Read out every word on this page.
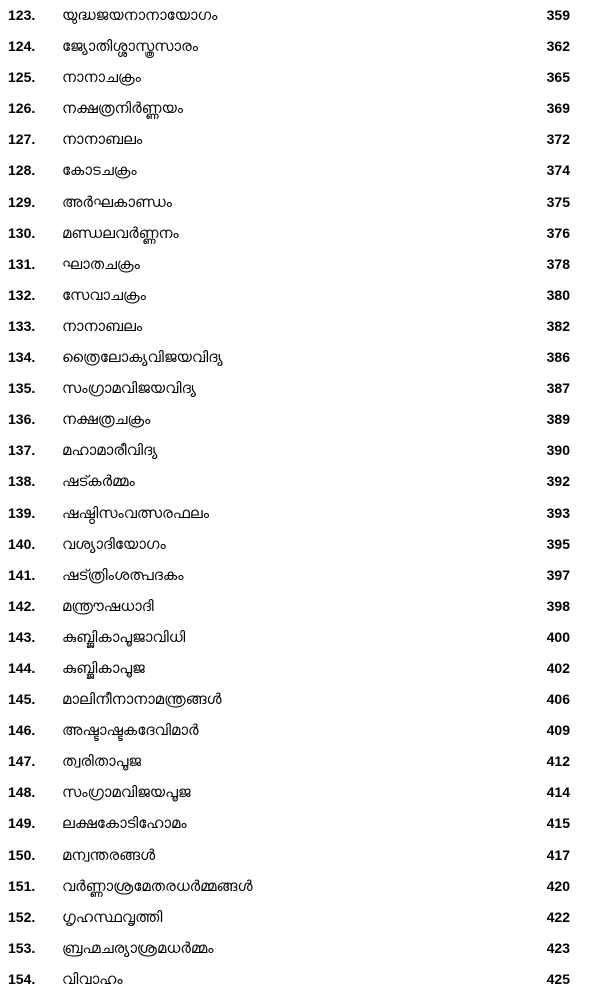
123. യുദ്ധജയനാനായോഗം	359
124. ജ്യോതിശ്ശാസ്ത്രസാരം	362
125. നാനാചക്രം	365
126. നക്ഷത്രനിർണ്ണയം	369
127. നാനാബലം	372
128. കോടചക്രം	374
129. അർഘകാണ്ഡം	375
130. മണ്ഡലവർണ്ണനം	376
131. ഘാതചക്രം	378
132. സേവാചക്രം	380
133. നാനാബലം	382
134. ത്രൈലോക്യവിജയവിദ്യ	386
135. സംഗ്രാമവിജയവിദ്യ	387
136. നക്ഷത്രചക്രം	389
137. മഹാമാരീവിദ്യ	390
138. ഷട്കർമ്മം	392
139. ഷഷ്ഠിസംവത്സരഫലം	393
140. വശ്യാദിയോഗം	395
141. ഷട്ത്രിംശത്പദകം	397
142. മന്ത്രൗഷധാദി	398
143. കുബ്ജികാപൂജാവിധി	400
144. കുബ്ജികാപൂജ	402
145. മാലിനീനാനാമന്ത്രങ്ങൾ	406
146. അഷ്ടാഷ്ടകദേവിമാർ	409
147. ത്വരിതാപൂജ	412
148. സംഗ്രാമവിജയപൂജ	414
149. ലക്ഷകോടിഹോമം	415
150. മന്വന്തരങ്ങൾ	417
151. വർണ്ണാശ്രമേതരധർമ്മങ്ങൾ	420
152. ഗൃഹസ്ഥവൃത്തി	422
153. ബ്രഹ്മചര്യാശ്രമധർമ്മം	423
154. വിവാഹം	425
